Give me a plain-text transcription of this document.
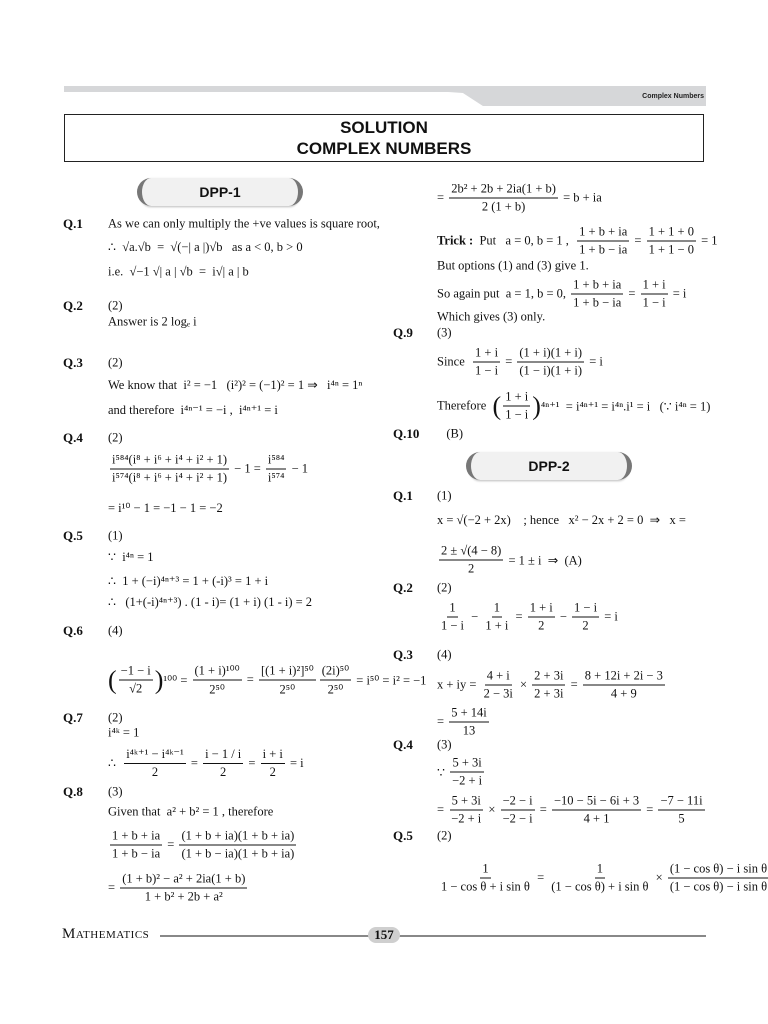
Complex Numbers
SOLUTION
COMPLEX NUMBERS
DPP-1
DPP-2
Q.1 As we can only multiply the +ve values is square root,
∴  √a.√b  =  √(−| a |)√b   as a < 0, b > 0
i.e.  √−1 √| a | √b  =  i√| a | b
Q.2 (2)
Answer is 2 logₑ i
Q.3 (2)
We know that  i² = −1   (i²)² = (−1)² = 1 ⇒   i⁴ⁿ = 1ⁿ
and therefore  i⁴ⁿ⁻¹ = −i ,  i⁴ⁿ⁺¹ = i
Q.4 (2)
$\frac{\text{i⁵⁸⁴(i⁸ + i⁶ + i⁴ + i² + 1)}}{\text{i⁵⁷⁴(i⁸ + i⁶ + i⁴ + i² + 1)}} - 1 = \frac{\text{i⁵⁸⁴}}{\text{i⁵⁷⁴}} - 1$
= i¹⁰ − 1 = −1 − 1 = −2
Q.5 (1)
∵  i⁴ⁿ = 1
∴  1 + (−i)⁴ⁿ⁺³ = 1 + (-i)³ = 1 + i
∴   (1+(-i)⁴ⁿ⁺³) . (1 - i)= (1 + i) (1 - i) = 2
Q.6 (4)
( $\frac{-1 - i}{√2}$ ) $^{100} = \frac{\text{(1 + i)¹⁰⁰}}{\text{2⁵⁰}} = \frac{\text{[(1 + i)²]⁵⁰}}{\text{2⁵⁰}} \frac{\text{(2i)⁵⁰}}{\text{2⁵⁰}} = i^{50} = i^2 = -1$
Q.7 (2)
i⁴ᵏ = 1
∴ $\frac{\text{i⁴ᵏ⁺¹ − i⁴ᵏ⁻¹}}{2} = \frac{i - 1 / i}{2} = \frac{i + i}{2} = i$
Q.8 (3)
Given that  a² + b² = 1 , therefore
$\frac{1 + b + ia}{1 + b - ia} = \frac{(1 + b + ia)(1 + b + ia)}{(1 + b - ia)(1 + b + ia)}$
= $\frac{\text{(1 + b)² − a² + 2ia(1 + b)}}{\text{1 + b² + 2b + a²}}$
= $\frac{\text{2b² + 2b + 2ia(1 + b)}}{2 (1 + b)} = b$ + ia
Trick : Put   a = 0, b = 1 , $\frac{1 + b + ia}{1 + b - ia} = \frac{1 + 1 + 0}{1 + 1 - 0} = 1$
But options (1) and (3) give 1.
So again put  a = 1, b = 0, $\frac{1 + b + ia}{1 + b - ia} = \frac{1 + i}{1 - i} = i$
Which gives (3) only.
Q.9 (3)
Since $\frac{1 + i}{1 - i} = \frac{(1 + i)(1 + i)}{(1 - i)(1 + i)} = i$
Therefore ( $\frac{1 + i}{1 - i}$ ) ⁴ⁿ⁺¹  = i⁴ⁿ⁺¹ = i⁴ⁿ.i¹ = i   (∵ i⁴ⁿ = 1)
Q.10 (B)
Q.1 (1)
x = √(−2 + 2x)    ; hence   x² − 2x + 2 = 0  ⇒   x =
$\frac{2 \pm √(4 - 8)}{2} = 1 \pm i$  ⇒  (A)
Q.2 (2)
$\frac{1}{1 - i} - \frac{1}{1 + i} = \frac{1 + i}{2} - \frac{1 - i}{2} = i$
Q.3 (4)
x + iy = $\frac{4 + i}{2 - 3i} \times \frac{2 + 3i}{2 + 3i} = \frac{8 + 12i + 2i - 3}{4 + 9}$
= $\frac{5 + 14i}{13}$
Q.4 (3)
∵ $\frac{5 + 3i}{-2 + i}$
= $\frac{5 + 3i}{-2 + i} \times \frac{-2 - i}{-2 - i} = \frac{-10 - 5i - 6i + 3}{4 + 1} = \frac{-7 - 11i}{5}$
Q.5 (2)
$\frac{1}{\text{1 − cos θ + i sin θ}} = \frac{1}{\text{(1 − cos θ) + i sin θ}} \times \frac{\text{(1 − cos θ) − i sin θ}}{\text{(1 − cos θ) − i sin θ}}$
Mathematics	157
